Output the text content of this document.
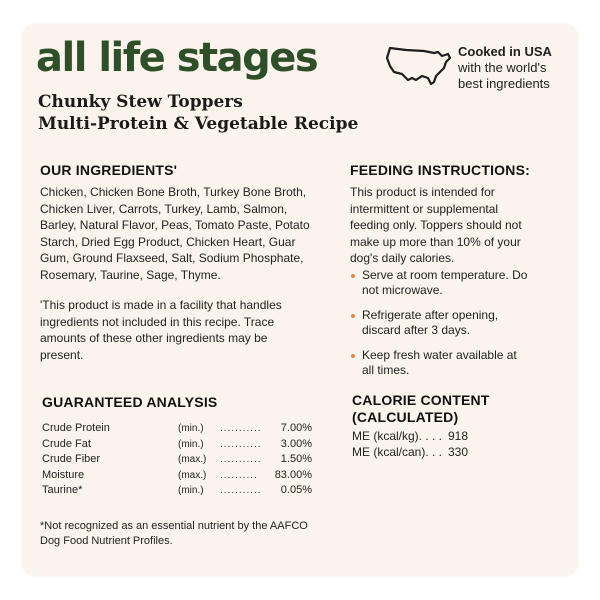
all life stages

Chunky Stew Toppers

Multi-Protein & Vegetable Recipe

Cooked in USA
with the world's
best ingredients
OUR INGREDIENTS'

Chicken, Chicken Bone Broth, Turkey Bone Broth, Chicken Liver, Carrots, Turkey, Lamb, Salmon, Barley, Natural Flavor, Peas, Tomato Paste, Potato Starch, Dried Egg Product, Chicken Heart, Guar Gum, Ground Flaxseed, Salt, Sodium Phosphate, Rosemary, Taurine, Sage, Thyme.

'This product is made in a facility that handles ingredients not included in this recipe. Trace amounts of these other ingredients may be present.

FEEDING INSTRUCTIONS:

This product is intended for intermittent or supplemental feeding only. Toppers should not make up more than 10% of your dog's daily calories.

Serve at room temperature. Do not microwave.
Refrigerate after opening, discard after 3 days.
Keep fresh water available at all times.
GUARANTEED ANALYSIS
Crude Protein	(min.) ........... 7.00%
Crude Fat	(min.) ........... 3.00%
Crude Fiber	(max.) ........... 1.50%
Moisture	(max.) .......... 83.00%
Taurine*	(min.) ........... 0.05%
CALORIE CONTENT
(CALCULATED)
ME (kcal/kg). . . . 918
ME (kcal/can). . . 330

*Not recognized as an essential nutrient by the AAFCO Dog Food Nutrient Profiles.
